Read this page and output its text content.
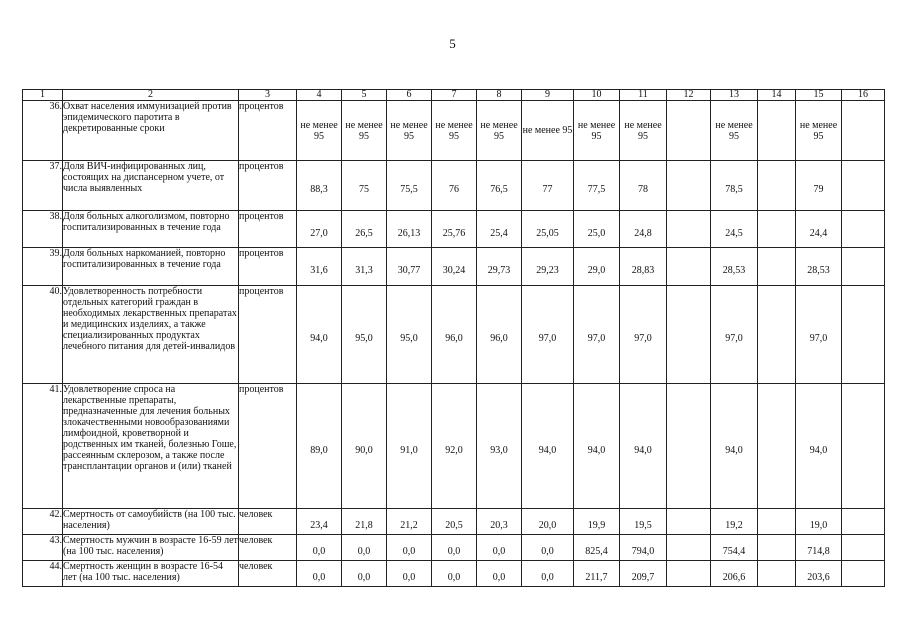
5
1	2	3	4	5	6	7	8	9	10	11	12	13	14	15	16
36.	Охват населения иммунизацией против эпидемического паротита в декретированные сроки	процентов	не менее 95	не менее 95	не менее 95	не менее 95	не менее 95	не менее 95	не менее 95	не менее 95		не менее 95		не менее 95	
37.	Доля ВИЧ-инфицированных лиц, состоящих на диспансерном учете, от числа выявленных	процентов	88,3	75	75,5	76	76,5	77	77,5	78		78,5		79	
38.	Доля больных алкоголизмом, повторно госпитализированных в течение года	процентов	27,0	26,5	26,13	25,76	25,4	25,05	25,0	24,8		24,5		24,4	
39.	Доля больных наркоманией, повторно госпитализированных в течение года	процентов	31,6	31,3	30,77	30,24	29,73	29,23	29,0	28,83		28,53		28,53	
40.	Удовлетворенность потребности отдельных категорий граждан в необходимых лекарственных препаратах и медицинских изделиях, а также специализированных продуктах лечебного питания для детей-инвалидов	процентов	94,0	95,0	95,0	96,0	96,0	97,0	97,0	97,0		97,0		97,0	
41.	Удовлетворение спроса на лекарственные препараты, предназначенные для лечения больных злокачественными новообразованиями лимфоидной, кроветворной и родственных им тканей, болезнью Гоше, рассеянным склерозом, а также после трансплантации органов и (или) тканей	процентов	89,0	90,0	91,0	92,0	93,0	94,0	94,0	94,0		94,0		94,0	
42.	Смертность от самоубийств (на 100 тыс. населения)	человек	23,4	21,8	21,2	20,5	20,3	20,0	19,9	19,5		19,2		19,0	
43.	Смертность мужчин в возрасте 16-59 лет (на 100 тыс. населения)	человек	0,0	0,0	0,0	0,0	0,0	0,0	825,4	794,0		754,4		714,8	
44.	Смертность женщин в возрасте 16-54 лет (на 100 тыс. населения)	человек	0,0	0,0	0,0	0,0	0,0	0,0	211,7	209,7		206,6		203,6	
